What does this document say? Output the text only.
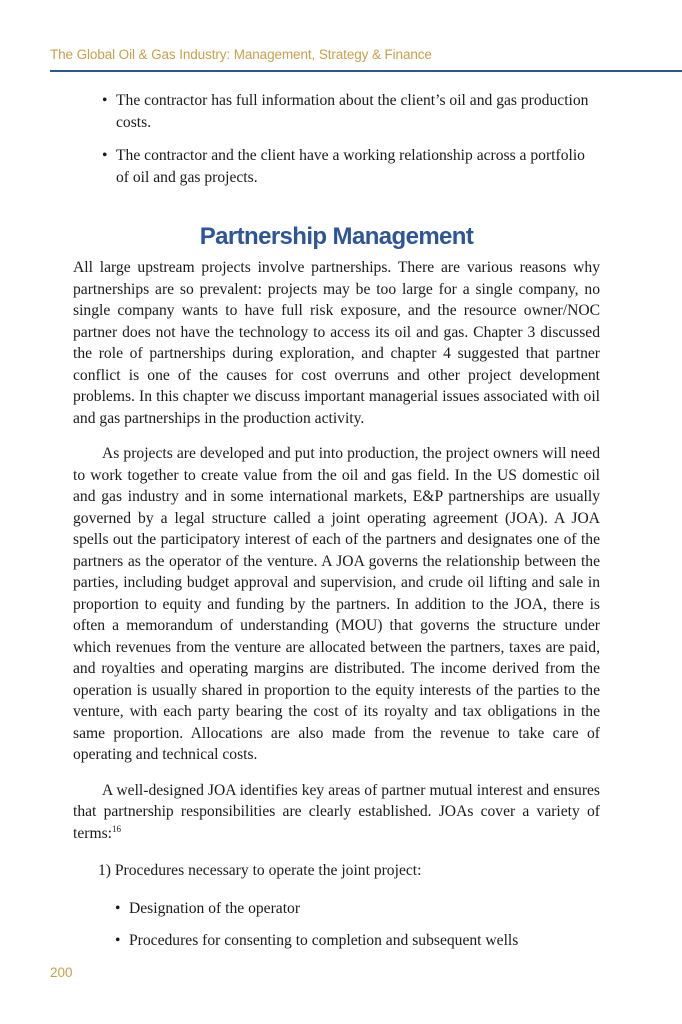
The Global Oil & Gas Industry: Management, Strategy & Finance
• The contractor has full information about the client’s oil and gas production costs.
• The contractor and the client have a working relationship across a portfolio of oil and gas projects.
Partnership Management

All large upstream projects involve partnerships. There are various reasons why partnerships are so prevalent: projects may be too large for a single company, no single company wants to have full risk exposure, and the resource owner/NOC partner does not have the technology to access its oil and gas. Chapter 3 discussed the role of partnerships during exploration, and chapter 4 suggested that partner conflict is one of the causes for cost overruns and other project development problems. In this chapter we discuss important managerial issues associated with oil and gas partnerships in the production activity.

As projects are developed and put into production, the project owners will need to work together to create value from the oil and gas field. In the US domestic oil and gas industry and in some international markets, E&P partnerships are usually governed by a legal structure called a joint operating agreement (JOA). A JOA spells out the participatory interest of each of the partners and designates one of the partners as the operator of the venture. A JOA governs the relationship between the parties, including budget approval and supervision, and crude oil lifting and sale in proportion to equity and funding by the partners. In addition to the JOA, there is often a memorandum of understanding (MOU) that governs the structure under which revenues from the venture are allocated between the partners, taxes are paid, and royalties and operating margins are distributed. The income derived from the operation is usually shared in proportion to the equity interests of the parties to the venture, with each party bearing the cost of its royalty and tax obligations in the same proportion. Allocations are also made from the revenue to take care of operating and technical costs.

A well-designed JOA identifies key areas of partner mutual interest and ensures that partnership responsibilities are clearly established. JOAs cover a variety of terms:$^{16}$

1) Procedures necessary to operate the joint project:
• Designation of the operator
• Procedures for consenting to completion and subsequent wells
200
